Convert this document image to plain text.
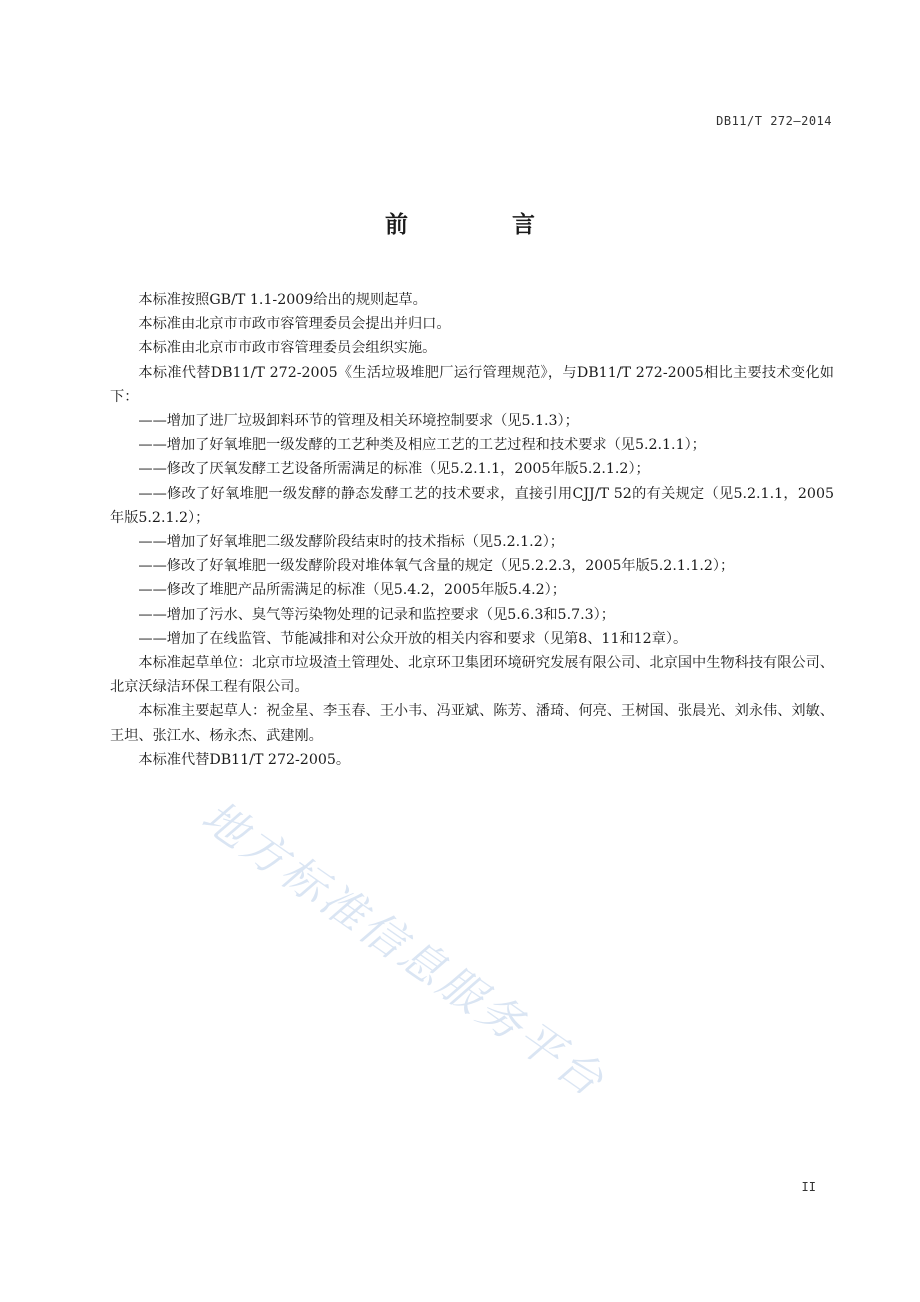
DB11/T 272—2014
前 言

本标准按照GB/T 1.1-2009给出的规则起草。

本标准由北京市市政市容管理委员会提出并归口。

本标准由北京市市政市容管理委员会组织实施。

本标准代替DB11/T 272-2005《生活垃圾堆肥厂运行管理规范》，与DB11/T 272-2005相比主要技术变化如下：

——增加了进厂垃圾卸料环节的管理及相关环境控制要求（见5.1.3）；

——增加了好氧堆肥一级发酵的工艺种类及相应工艺的工艺过程和技术要求（见5.2.1.1）；

——修改了厌氧发酵工艺设备所需满足的标准（见5.2.1.1，2005年版5.2.1.2）；

——修改了好氧堆肥一级发酵的静态发酵工艺的技术要求，直接引用CJJ/T 52的有关规定（见5.2.1.1，2005年版5.2.1.2）；

——增加了好氧堆肥二级发酵阶段结束时的技术指标（见5.2.1.2）；

——修改了好氧堆肥一级发酵阶段对堆体氧气含量的规定（见5.2.2.3，2005年版5.2.1.1.2）；

——修改了堆肥产品所需满足的标准（见5.4.2，2005年版5.4.2）；

——增加了污水、臭气等污染物处理的记录和监控要求（见5.6.3和5.7.3）；

——增加了在线监管、节能减排和对公众开放的相关内容和要求（见第8、11和12章）。

本标准起草单位：北京市垃圾渣土管理处、北京环卫集团环境研究发展有限公司、北京国中生物科技有限公司、北京沃绿洁环保工程有限公司。

本标准主要起草人：祝金星、李玉春、王小韦、冯亚斌、陈芳、潘琦、何亮、王树国、张晨光、刘永伟、刘敏、王坦、张江水、杨永杰、武建刚。

本标准代替DB11/T 272-2005。

地方标准信息服务平台
II
